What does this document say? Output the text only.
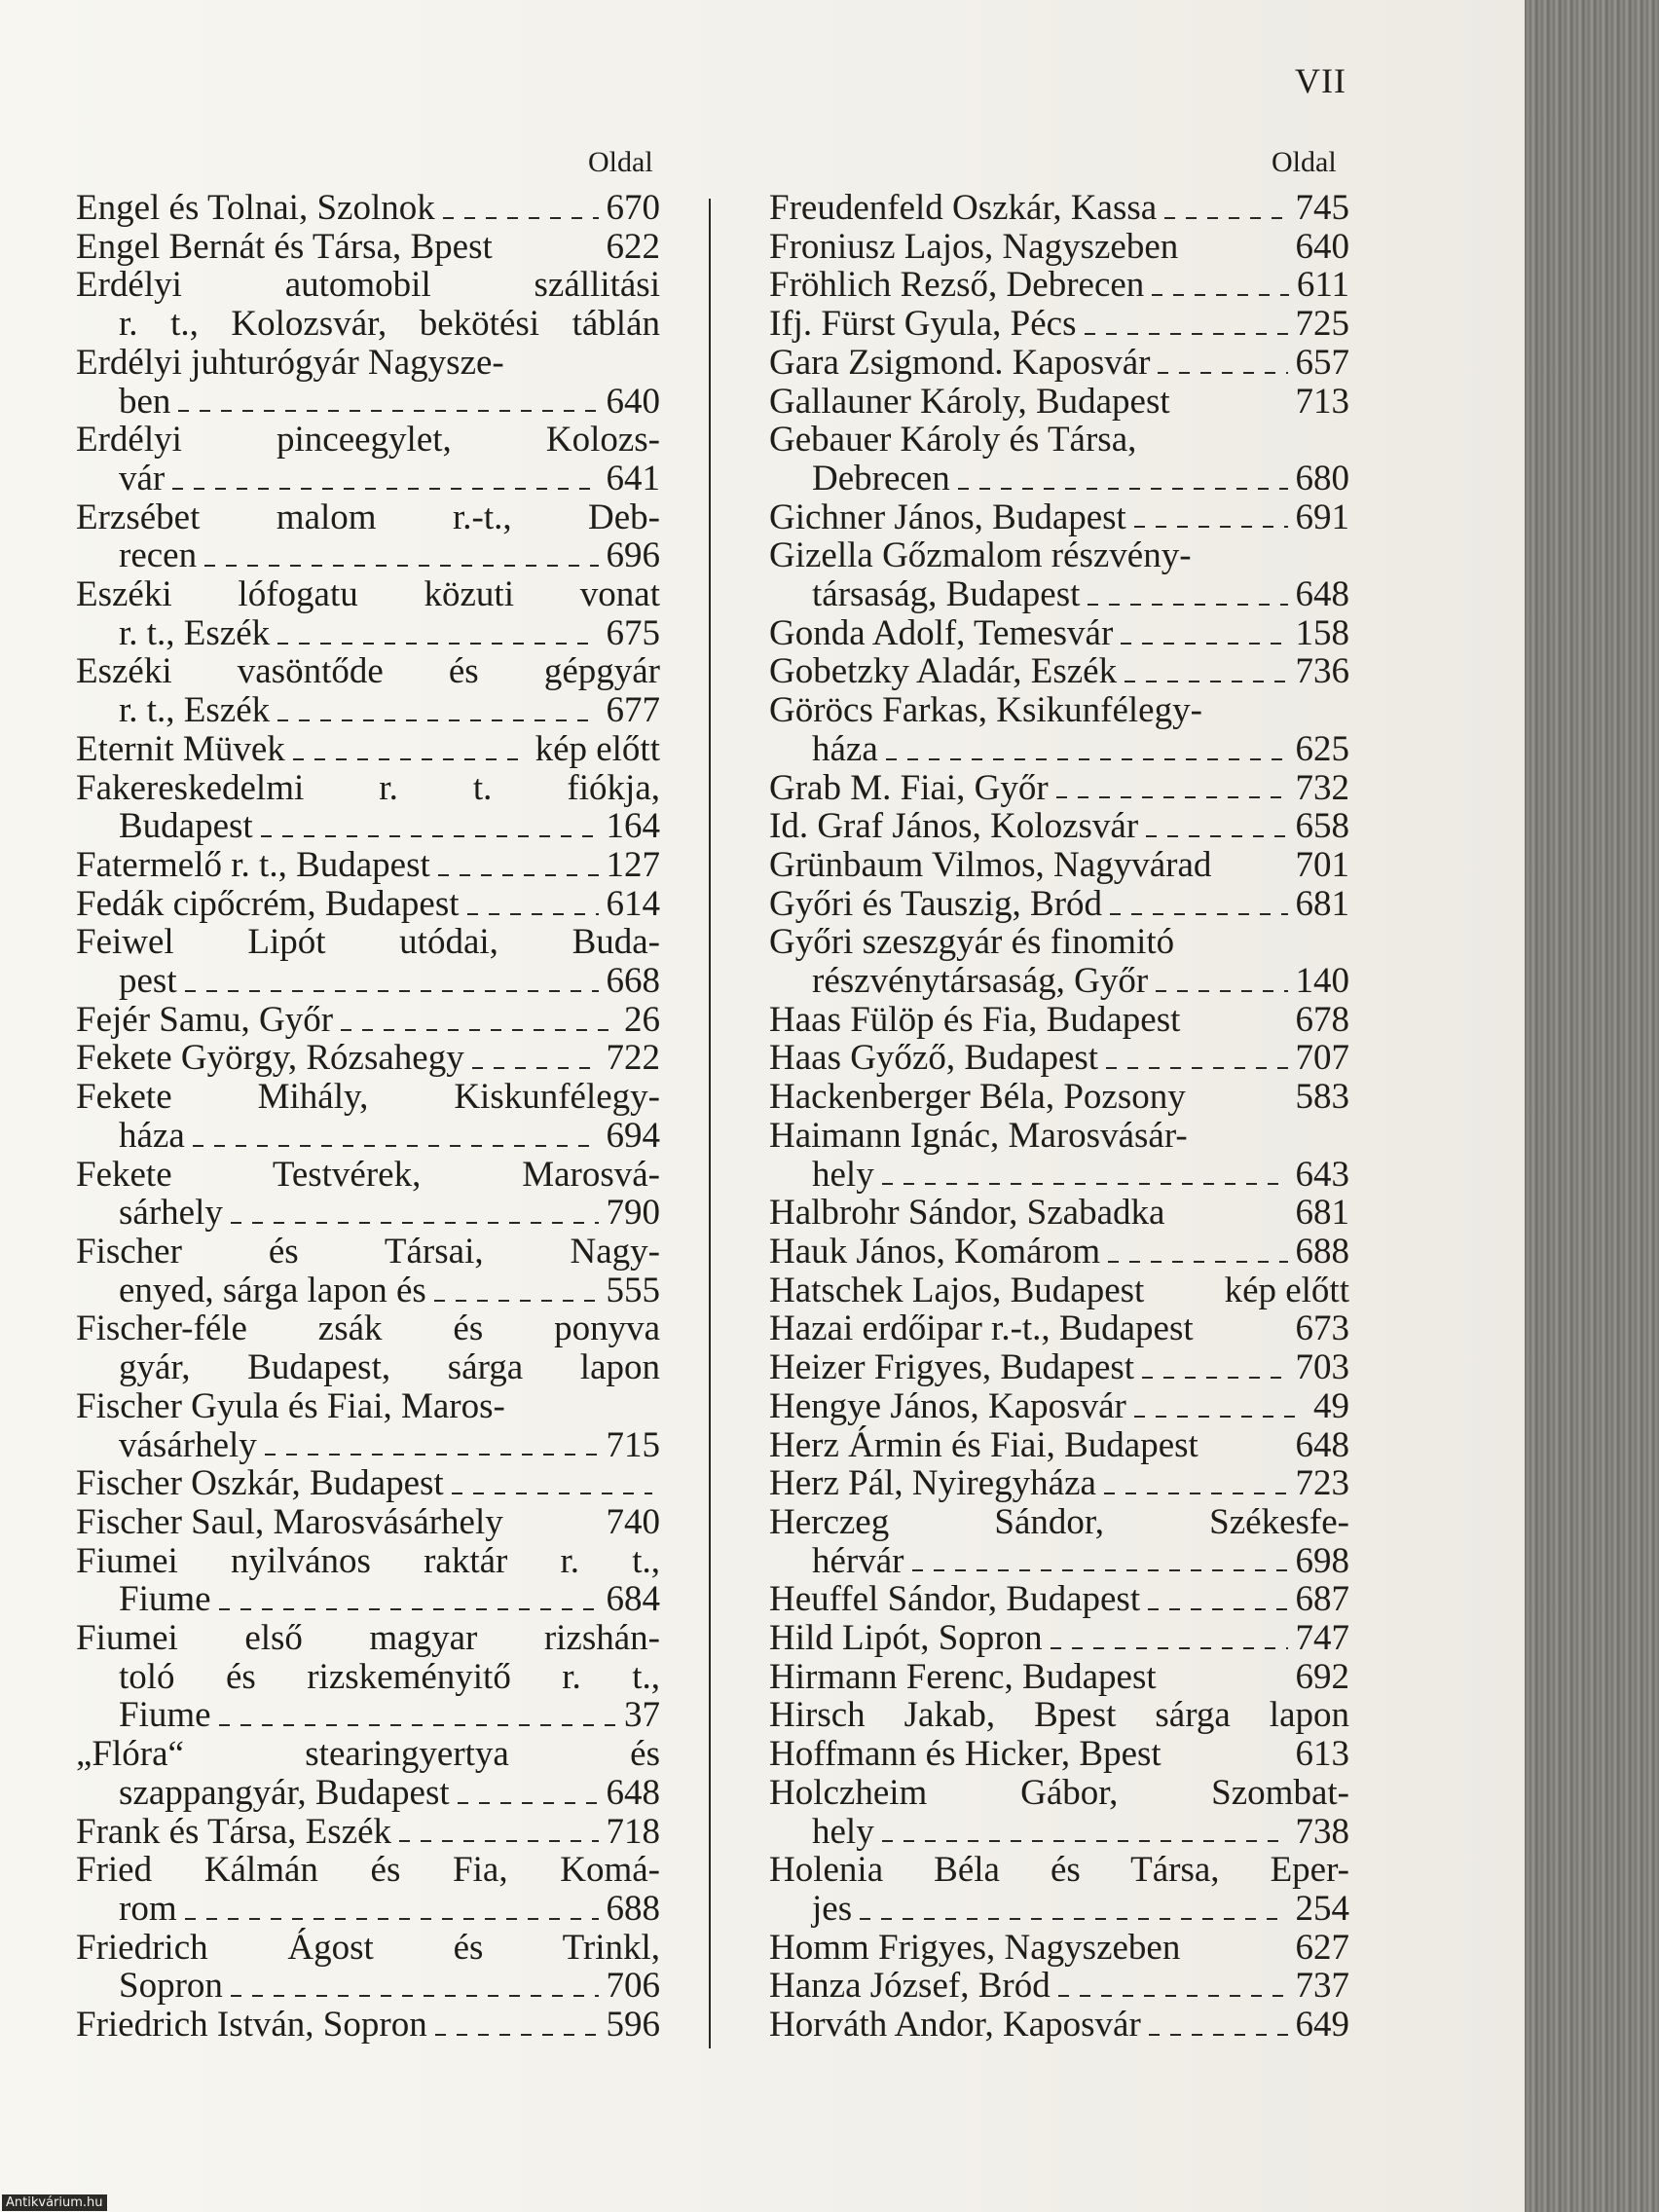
VII
Oldal	Oldal
Engel és Tolnai, Szolnok	670
Engel Bernát és Társa, Bpest	622
Erdélyi automobil szállitási
r. t., Kolozsvár, bekötési táblán
Erdélyi juhturógyár Nagysze-
ben	640
Erdélyi pinceegylet, Kolozs-
vár	641
Erzsébet malom r.-t., Deb-
recen	696
Eszéki lófogatu közuti vonat
r. t., Eszék	675
Eszéki vasöntőde és gépgyár
r. t., Eszék	677
Eternit Müvek	kép előtt
Fakereskedelmi r. t. fiókja,
Budapest	164
Fatermelő r. t., Budapest	127
Fedák cipőcrém, Budapest	614
Feiwel Lipót utódai, Buda-
pest	668
Fejér Samu, Győr	26
Fekete György, Rózsahegy	722
Fekete Mihály, Kiskunfélegy-
háza	694
Fekete Testvérek, Marosvá-
sárhely	790
Fischer és Társai, Nagy-
enyed, sárga lapon és	555
Fischer-féle zsák és ponyva
gyár, Budapest, sárga lapon
Fischer Gyula és Fiai, Maros-
vásárhely	715
Fischer Oszkár, Budapest
Fischer Saul, Marosvásárhely	740
Fiumei nyilvános raktár r. t.,
Fiume	684
Fiumei első magyar rizshán-
toló és rizskeményitő r. t.,
Fiume	37
„Flóra“ stearingyertya és
szappangyár, Budapest	648
Frank és Társa, Eszék	718
Fried Kálmán és Fia, Komá-
rom	688
Friedrich Ágost és Trinkl,
Sopron	706
Friedrich István, Sopron	596
Freudenfeld Oszkár, Kassa	745
Froniusz Lajos, Nagyszeben	640
Fröhlich Rezső, Debrecen	611
Ifj. Fürst Gyula, Pécs	725
Gara Zsigmond. Kaposvár	657
Gallauner Károly, Budapest	713
Gebauer Károly és Társa,
Debrecen	680
Gichner János, Budapest	691
Gizella Gőzmalom részvény-
társaság, Budapest	648
Gonda Adolf, Temesvár	158
Gobetzky Aladár, Eszék	736
Göröcs Farkas, Ksikunfélegy-
háza	625
Grab M. Fiai, Győr	732
Id. Graf János, Kolozsvár	658
Grünbaum Vilmos, Nagyvárad 701
Győri és Tauszig, Bród	681
Győri szeszgyár és finomitó
részvénytársaság, Győr	140
Haas Fülöp és Fia, Budapest	678
Haas Győző, Budapest	707
Hackenberger Béla, Pozsony	583
Haimann Ignác, Marosvásár-
hely	643
Halbrohr Sándor, Szabadka	681
Hauk János, Komárom	688
Hatschek Lajos, Budapest kép előtt
Hazai erdőipar r.-t., Budapest	673
Heizer Frigyes, Budapest	703
Hengye János, Kaposvár	49
Herz Ármin és Fiai, Budapest	648
Herz Pál, Nyiregyháza	723
Herczeg Sándor, Székesfe-
hérvár	698
Heuffel Sándor, Budapest	687
Hild Lipót, Sopron	747
Hirmann Ferenc, Budapest	692
Hirsch Jakab, Bpest sárga lapon
Hoffmann és Hicker, Bpest	613
Holczheim Gábor, Szombat-
hely	738
Holenia Béla és Társa, Eper-
jes	254
Homm Frigyes, Nagyszeben	627
Hanza József, Bród	737
Horváth Andor, Kaposvár	649
Antikvárium.hu
